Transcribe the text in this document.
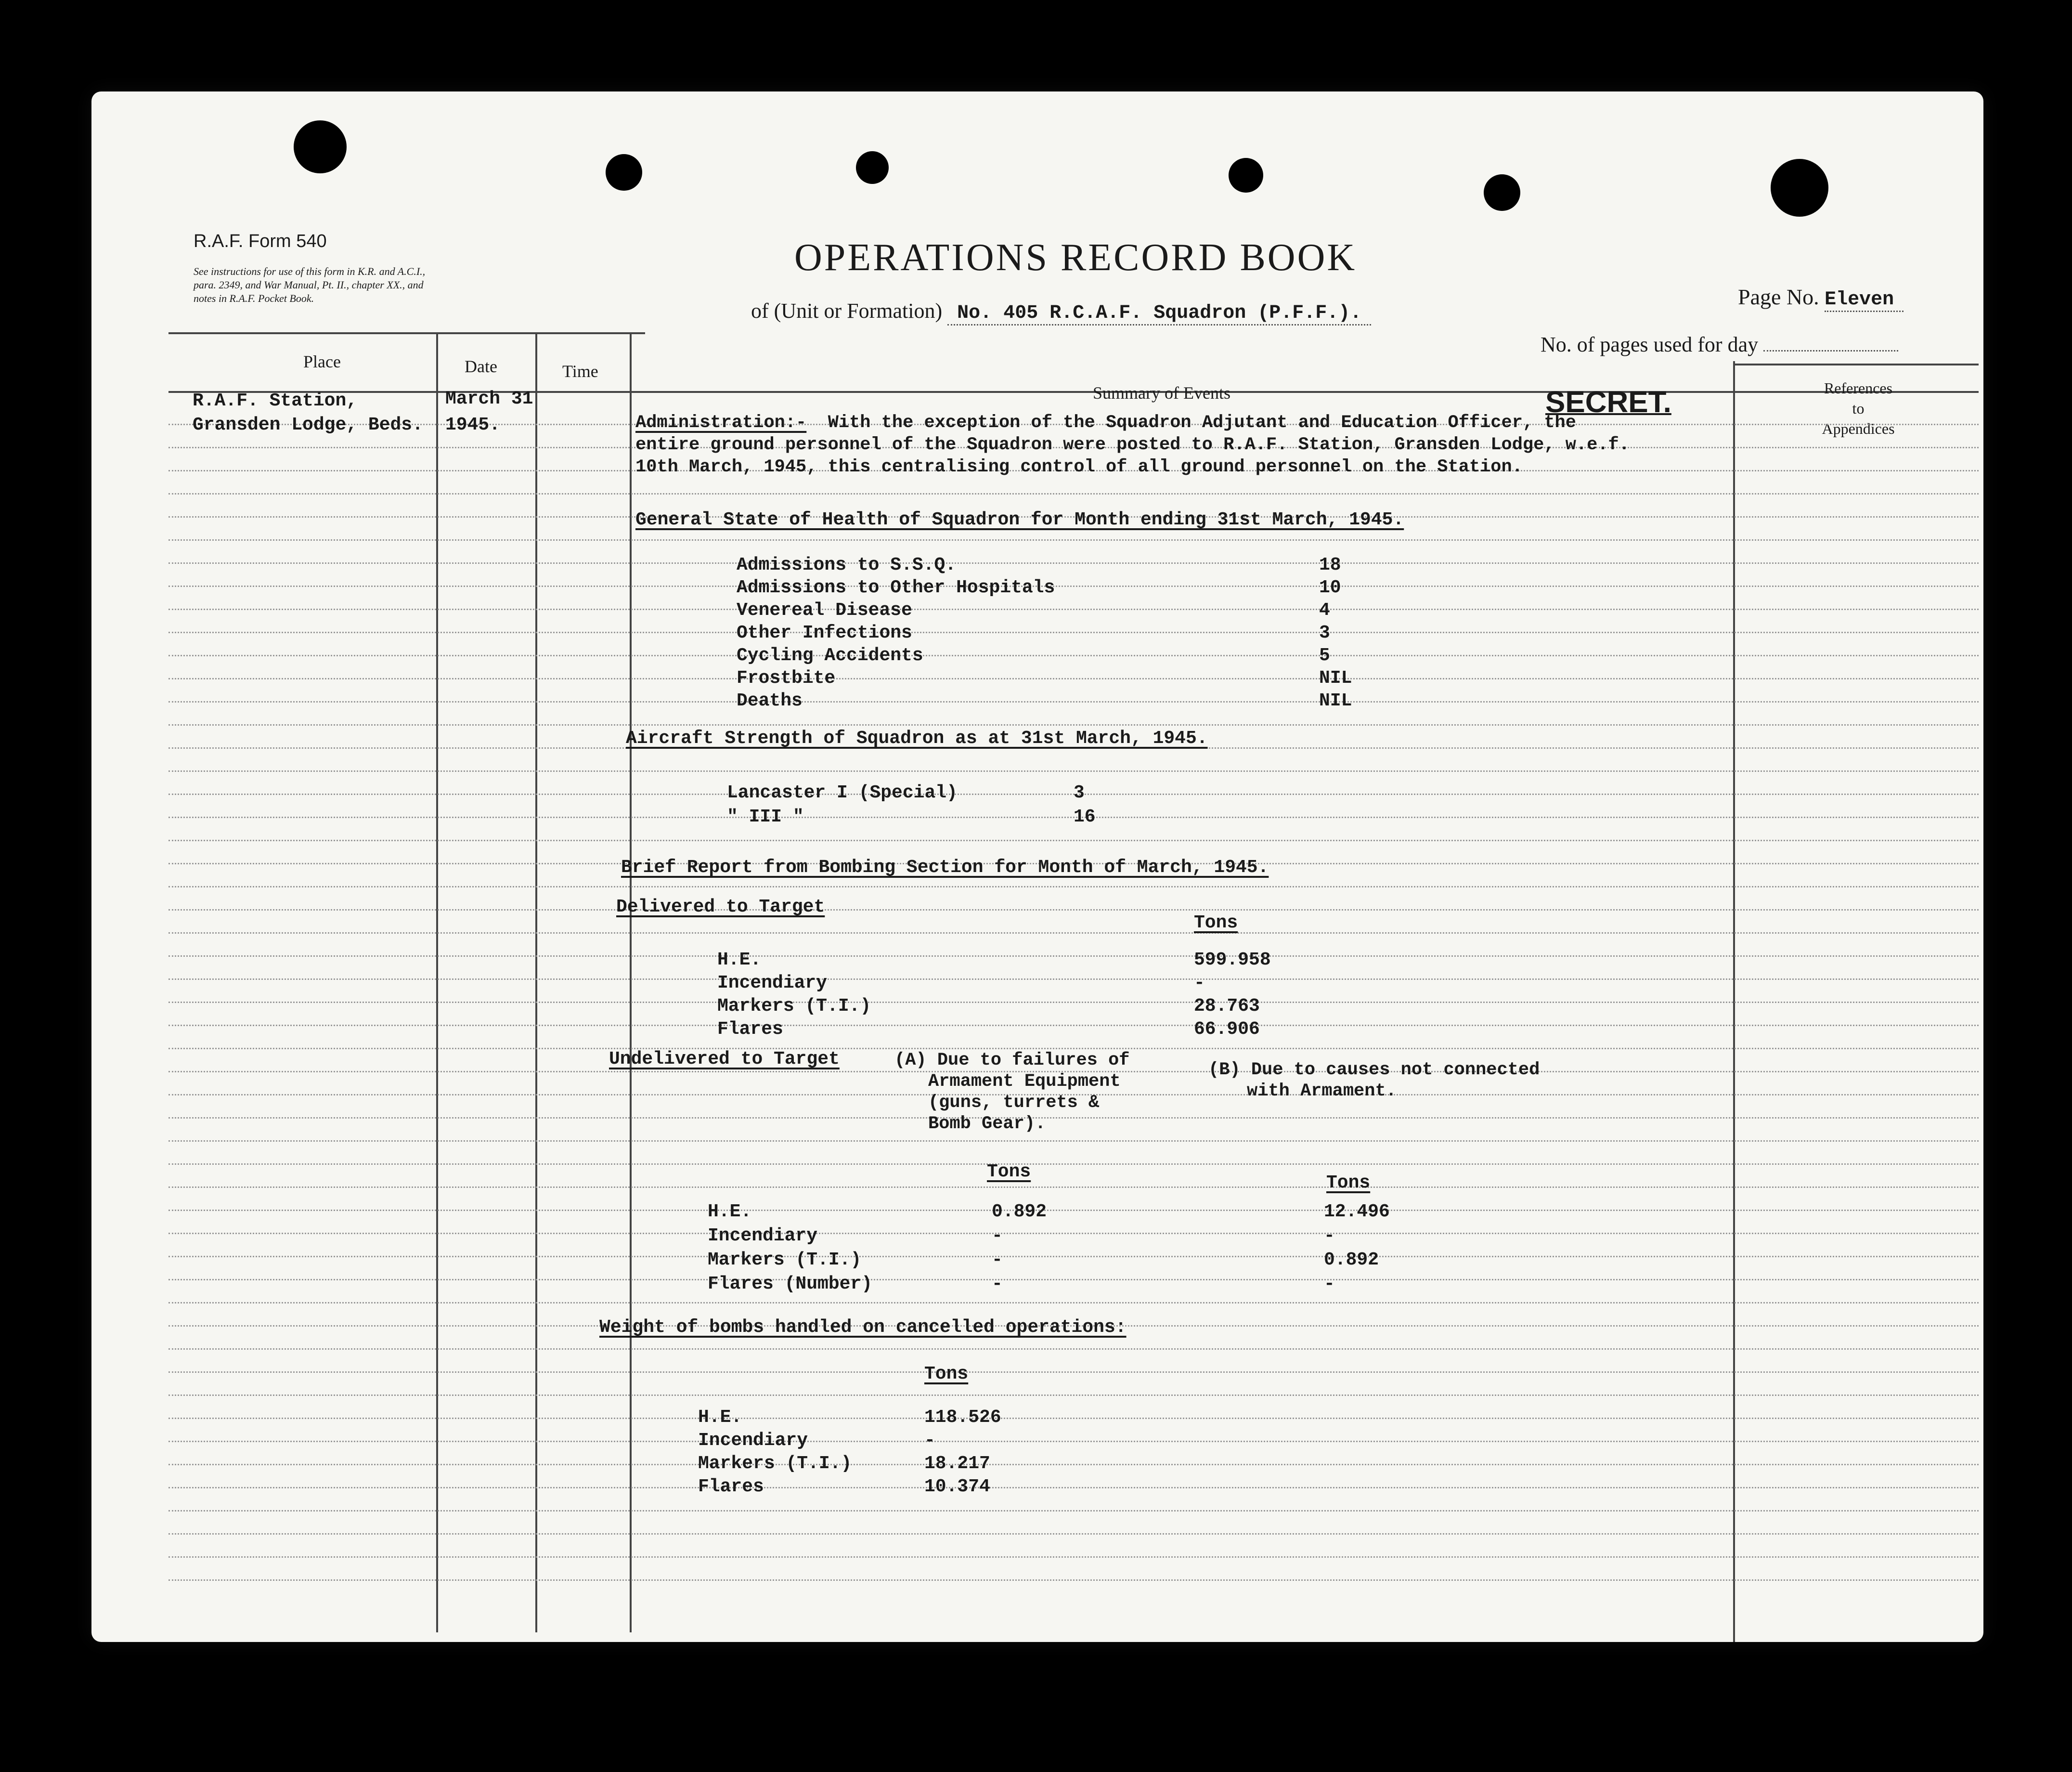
R.A.F. Form 540
See instructions for use of this form in K.R. and A.C.I.,
para. 2349, and War Manual, Pt. II., chapter XX., and
notes in R.A.F. Pocket Book.
OPERATIONS RECORD BOOK
of (Unit or Formation) No. 405 R.C.A.F. Squadron (P.F.F.).
Page No. Eleven
No. of pages used for day
Place	Date	Time
Summary of Events	SECRET.	References
to
Appendices
R.A.F. Station,
Gransden Lodge, Beds.
March 31
1945.	Administration:- With the exception of the Squadron Adjutant and Education Officer, the
entire ground personnel of the Squadron were posted to R.A.F. Station, Gransden Lodge, w.e.f.
10th March, 1945, this centralising control of all ground personnel on the Station.
General State of Health of Squadron for Month ending 31st March, 1945.
Admissions to S.S.Q.	18
Admissions to Other Hospitals	10
Venereal Disease	4
Other Infections	3
Cycling Accidents	5
Frostbite	NIL
Deaths	NIL
Aircraft Strength of Squadron as at 31st March, 1945.
Lancaster I (Special)	3
" III "	16
Brief Report from Bombing Section for Month of March, 1945.
Delivered to Target
Tons
H.E.	599.958
Incendiary	-
Markers (T.I.)	28.763
Flares	66.906
Undelivered to Target	(A) Due to failures of
Armament Equipment
(guns, turrets &
Bomb Gear).
(B) Due to causes not connected
with Armament.
Tons
Tons
H.E.	0.892	12.496
Incendiary	-	-
Markers (T.I.)	-	0.892
Flares (Number)	-	-
Weight of bombs handled on cancelled operations:
Tons
H.E.	118.526
Incendiary	-
Markers (T.I.)	18.217
Flares	10.374
